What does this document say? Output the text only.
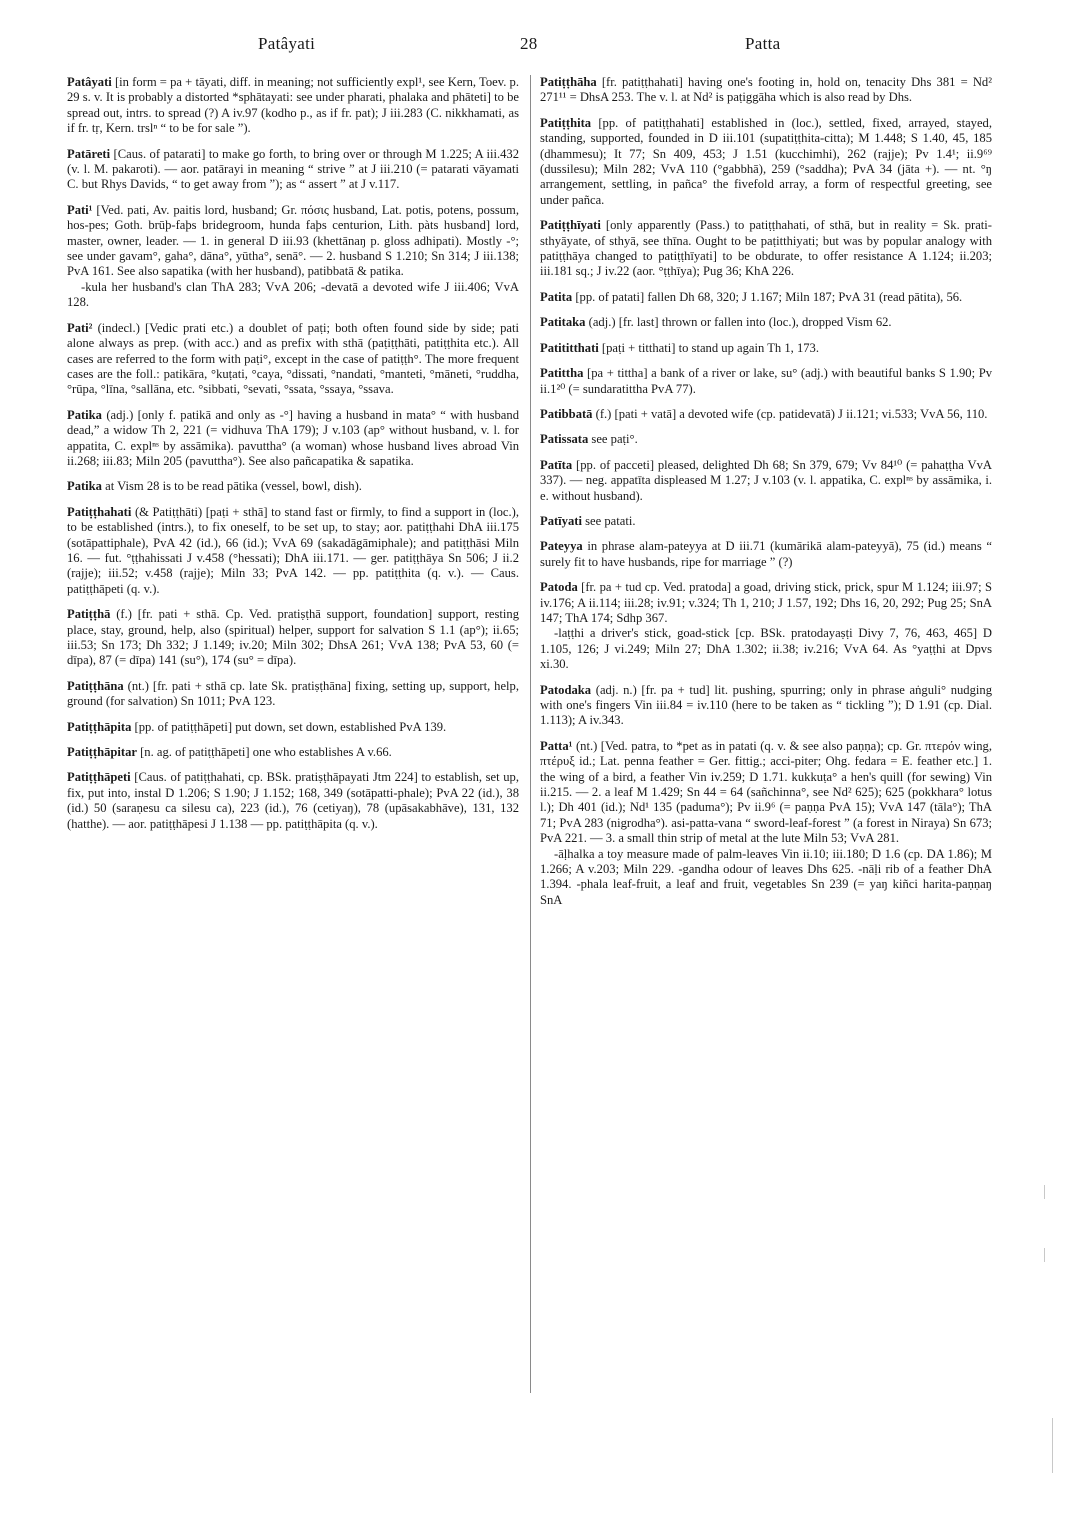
Patâyati	28	Patta

Patâyati [in form = pa + tāyati, diff. in meaning; not sufficiently expl¹, see Kern, Toev. p. 29 s. v. It is probably a distorted *sphātayati: see under pharati, phalaka and phāteti] to be spread out, intrs. to spread (?) A iv.97 (kodho p., as if fr. pat); J iii.283 (C. nikkhamati, as if fr. tṛ, Kern. trslⁿ “ to be for sale ”).

Patāreti [Caus. of patarati] to make go forth, to bring over or through M 1.225; A iii.432 (v. l. M. pakaroti). — aor. patārayi in meaning “ strive ” at J iii.210 (= patarati vāyamati C. but Rhys Davids, “ to get away from ”); as “ assert ” at J v.117.

Pati¹ [Ved. pati, Av. paitis lord, husband; Gr. πόσις husband, Lat. potis, potens, possum, hos-pes; Goth. brūþ-faþs bridegroom, hunda faþs centurion, Lith. pàts husband] lord, master, owner, leader. — 1. in general D iii.93 (khettānaŋ p. gloss adhipati). Mostly -°; see under gavam°, gaha°, dāna°, yūtha°, senā°. — 2. husband S 1.210; Sn 314; J iii.138; PvA 161. See also sapatika (with her husband), patibbatā & patika.

-kula her husband's clan ThA 283; VvA 206; -devatā a devoted wife J iii.406; VvA 128.

Pati² (indecl.) [Vedic prati etc.) a doublet of paṭi; both often found side by side; pati alone always as prep. (with acc.) and as prefix with sthā (paṭiṭṭhāti, patiṭṭhita etc.). All cases are referred to the form with paṭi°, except in the case of patiṭṭh°. The more frequent cases are the foll.: patikāra, °kuṭati, °caya, °dissati, °nandati, °manteti, °māneti, °ruddha, °rūpa, °līna, °sallāna, etc. °sibbati, °sevati, °ssata, °ssaya, °ssava.

Patika (adj.) [only f. patikā and only as -°] having a husband in mata° “ with husband dead,” a widow Th 2, 221 (= vidhuva ThA 179); J v.103 (ap° without husband, v. l. for appatita, C. explⁿˢ by assāmika). pavuttha° (a woman) whose husband lives abroad Vin ii.268; iii.83; Miln 205 (pavuttha°). See also pañcapatika & sapatika.

Patika at Vism 28 is to be read pātika (vessel, bowl, dish).

Patiṭṭhahati (& Patiṭṭhāti) [paṭi + sthā] to stand fast or firmly, to find a support in (loc.), to be established (intrs.), to fix oneself, to be set up, to stay; aor. patiṭṭhahi DhA iii.175 (sotāpattiphale), PvA 42 (id.), 66 (id.); VvA 69 (sakadāgāmiphale); and patiṭṭhāsi Miln 16. — fut. °ṭṭhahissati J v.458 (°hessati); DhA iii.171. — ger. patiṭṭhāya Sn 506; J ii.2 (rajje); iii.52; v.458 (rajje); Miln 33; PvA 142. — pp. patiṭṭhita (q. v.). — Caus. patiṭṭhāpeti (q. v.).

Patiṭṭhā (f.) [fr. pati + sthā. Cp. Ved. pratiṣṭhā support, foundation] support, resting place, stay, ground, help, also (spiritual) helper, support for salvation S 1.1 (ap°); ii.65; iii.53; Sn 173; Dh 332; J 1.149; iv.20; Miln 302; DhsA 261; VvA 138; PvA 53, 60 (= dīpa), 87 (= dīpa) 141 (su°), 174 (su° = dīpa).

Patiṭṭhāna (nt.) [fr. pati + sthā cp. late Sk. pratiṣṭhāna] fixing, setting up, support, help, ground (for salvation) Sn 1011; PvA 123.

Patiṭṭhāpita [pp. of patiṭṭhāpeti] put down, set down, established PvA 139.

Patiṭṭhāpitar [n. ag. of patiṭṭhāpeti] one who establishes A v.66.

Patiṭṭhāpeti [Caus. of patiṭṭhahati, cp. BSk. pratiṣṭhāpayati Jtm 224] to establish, set up, fix, put into, instal D 1.206; S 1.90; J 1.152; 168, 349 (sotāpatti-phale); PvA 22 (id.), 38 (id.) 50 (saraṇesu ca silesu ca), 223 (id.), 76 (cetiyaŋ), 78 (upāsakabhāve), 131, 132 (hatthe). — aor. patiṭṭhāpesi J 1.138 — pp. patiṭṭhāpita (q. v.).

Patiṭṭhāha [fr. patiṭṭhahati] having one's footing in, hold on, tenacity Dhs 381 = Nd² 271¹¹ = DhsA 253. The v. l. at Nd² is paṭiggāha which is also read by Dhs.

Patiṭṭhita [pp. of patiṭṭhahati] established in (loc.), settled, fixed, arrayed, stayed, standing, supported, founded in D iii.101 (supatiṭṭhita-citta); M 1.448; S 1.40, 45, 185 (dhammesu); It 77; Sn 409, 453; J 1.51 (kucchimhi), 262 (rajje); Pv 1.4¹; ii.9⁶⁹ (dussilesu); Miln 282; VvA 110 (°gabbhā), 259 (°saddha); PvA 34 (jāta +). — nt. °ŋ arrangement, settling, in pañca° the fivefold array, a form of respectful greeting, see under pañca.

Patiṭṭhīyati [only apparently (Pass.) to patiṭṭhahati, of sthā, but in reality = Sk. prati-sthyāyate, of sthyā, see thīna. Ought to be paṭitthiyati; but was by popular analogy with patiṭṭhāya changed to patiṭṭhīyati] to be obdurate, to offer resistance A 1.124; ii.203; iii.181 sq.; J iv.22 (aor. °ṭṭhīya); Pug 36; KhA 226.

Patita [pp. of patati] fallen Dh 68, 320; J 1.167; Miln 187; PvA 31 (read pātita), 56.

Patitaka (adj.) [fr. last] thrown or fallen into (loc.), dropped Vism 62.

Patititthati [paṭi + titthati] to stand up again Th 1, 173.

Patittha [pa + tittha] a bank of a river or lake, su° (adj.) with beautiful banks S 1.90; Pv ii.1²⁰ (= sundaratittha PvA 77).

Patibbatā (f.) [pati + vatā] a devoted wife (cp. patidevatā) J ii.121; vi.533; VvA 56, 110.

Patissata see paṭi°.

Patīta [pp. of pacceti] pleased, delighted Dh 68; Sn 379, 679; Vv 84¹⁰ (= pahaṭṭha VvA 337). — neg. appatīta displeased M 1.27; J v.103 (v. l. appatika, C. explⁿˢ by assāmika, i. e. without husband).

Patīyati see patati.

Pateyya in phrase alam-pateyya at D iii.71 (kumārikā alam-pateyyā), 75 (id.) means “ surely fit to have husbands, ripe for marriage ” (?)

Patoda [fr. pa + tud cp. Ved. pratoda] a goad, driving stick, prick, spur M 1.124; iii.97; S iv.176; A ii.114; iii.28; iv.91; v.324; Th 1, 210; J 1.57, 192; Dhs 16, 20, 292; Pug 25; SnA 147; ThA 174; Sdhp 367.

-laṭṭhi a driver's stick, goad-stick [cp. BSk. pratodayaṣṭi Divy 7, 76, 463, 465] D 1.105, 126; J vi.249; Miln 27; DhA 1.302; ii.38; iv.216; VvA 64. As °yaṭṭhi at Dpvs xi.30.

Patodaka (adj. n.) [fr. pa + tud] lit. pushing, spurring; only in phrase aṅguli° nudging with one's fingers Vin iii.84 = iv.110 (here to be taken as “ tickling ”); D 1.91 (cp. Dial. 1.113); A iv.343.

Patta¹ (nt.) [Ved. patra, to *pet as in patati (q. v. & see also paṇṇa); cp. Gr. πτερόν wing, πτέρυξ id.; Lat. penna feather = Ger. fittig.; acci-piter; Ohg. fedara = E. feather etc.] 1. the wing of a bird, a feather Vin iv.259; D 1.71. kukkuṭa° a hen's quill (for sewing) Vin ii.215. — 2. a leaf M 1.429; Sn 44 = 64 (sañchinna°, see Nd² 625); 625 (pokkhara° lotus l.); Dh 401 (id.); Nd¹ 135 (paduma°); Pv ii.9⁶ (= paṇṇa PvA 15); VvA 147 (tāla°); ThA 71; PvA 283 (nigrodha°). asi-patta-vana “ sword-leaf-forest ” (a forest in Niraya) Sn 673; PvA 221. — 3. a small thin strip of metal at the lute Miln 53; VvA 281.

-āḷhalka a toy measure made of palm-leaves Vin ii.10; iii.180; D 1.6 (cp. DA 1.86); M 1.266; A v.203; Miln 229. -gandha odour of leaves Dhs 625. -nāḷi rib of a feather DhA 1.394. -phala leaf-fruit, a leaf and fruit, vegetables Sn 239 (= yaŋ kiñci harita-paṇṇaŋ SnA
